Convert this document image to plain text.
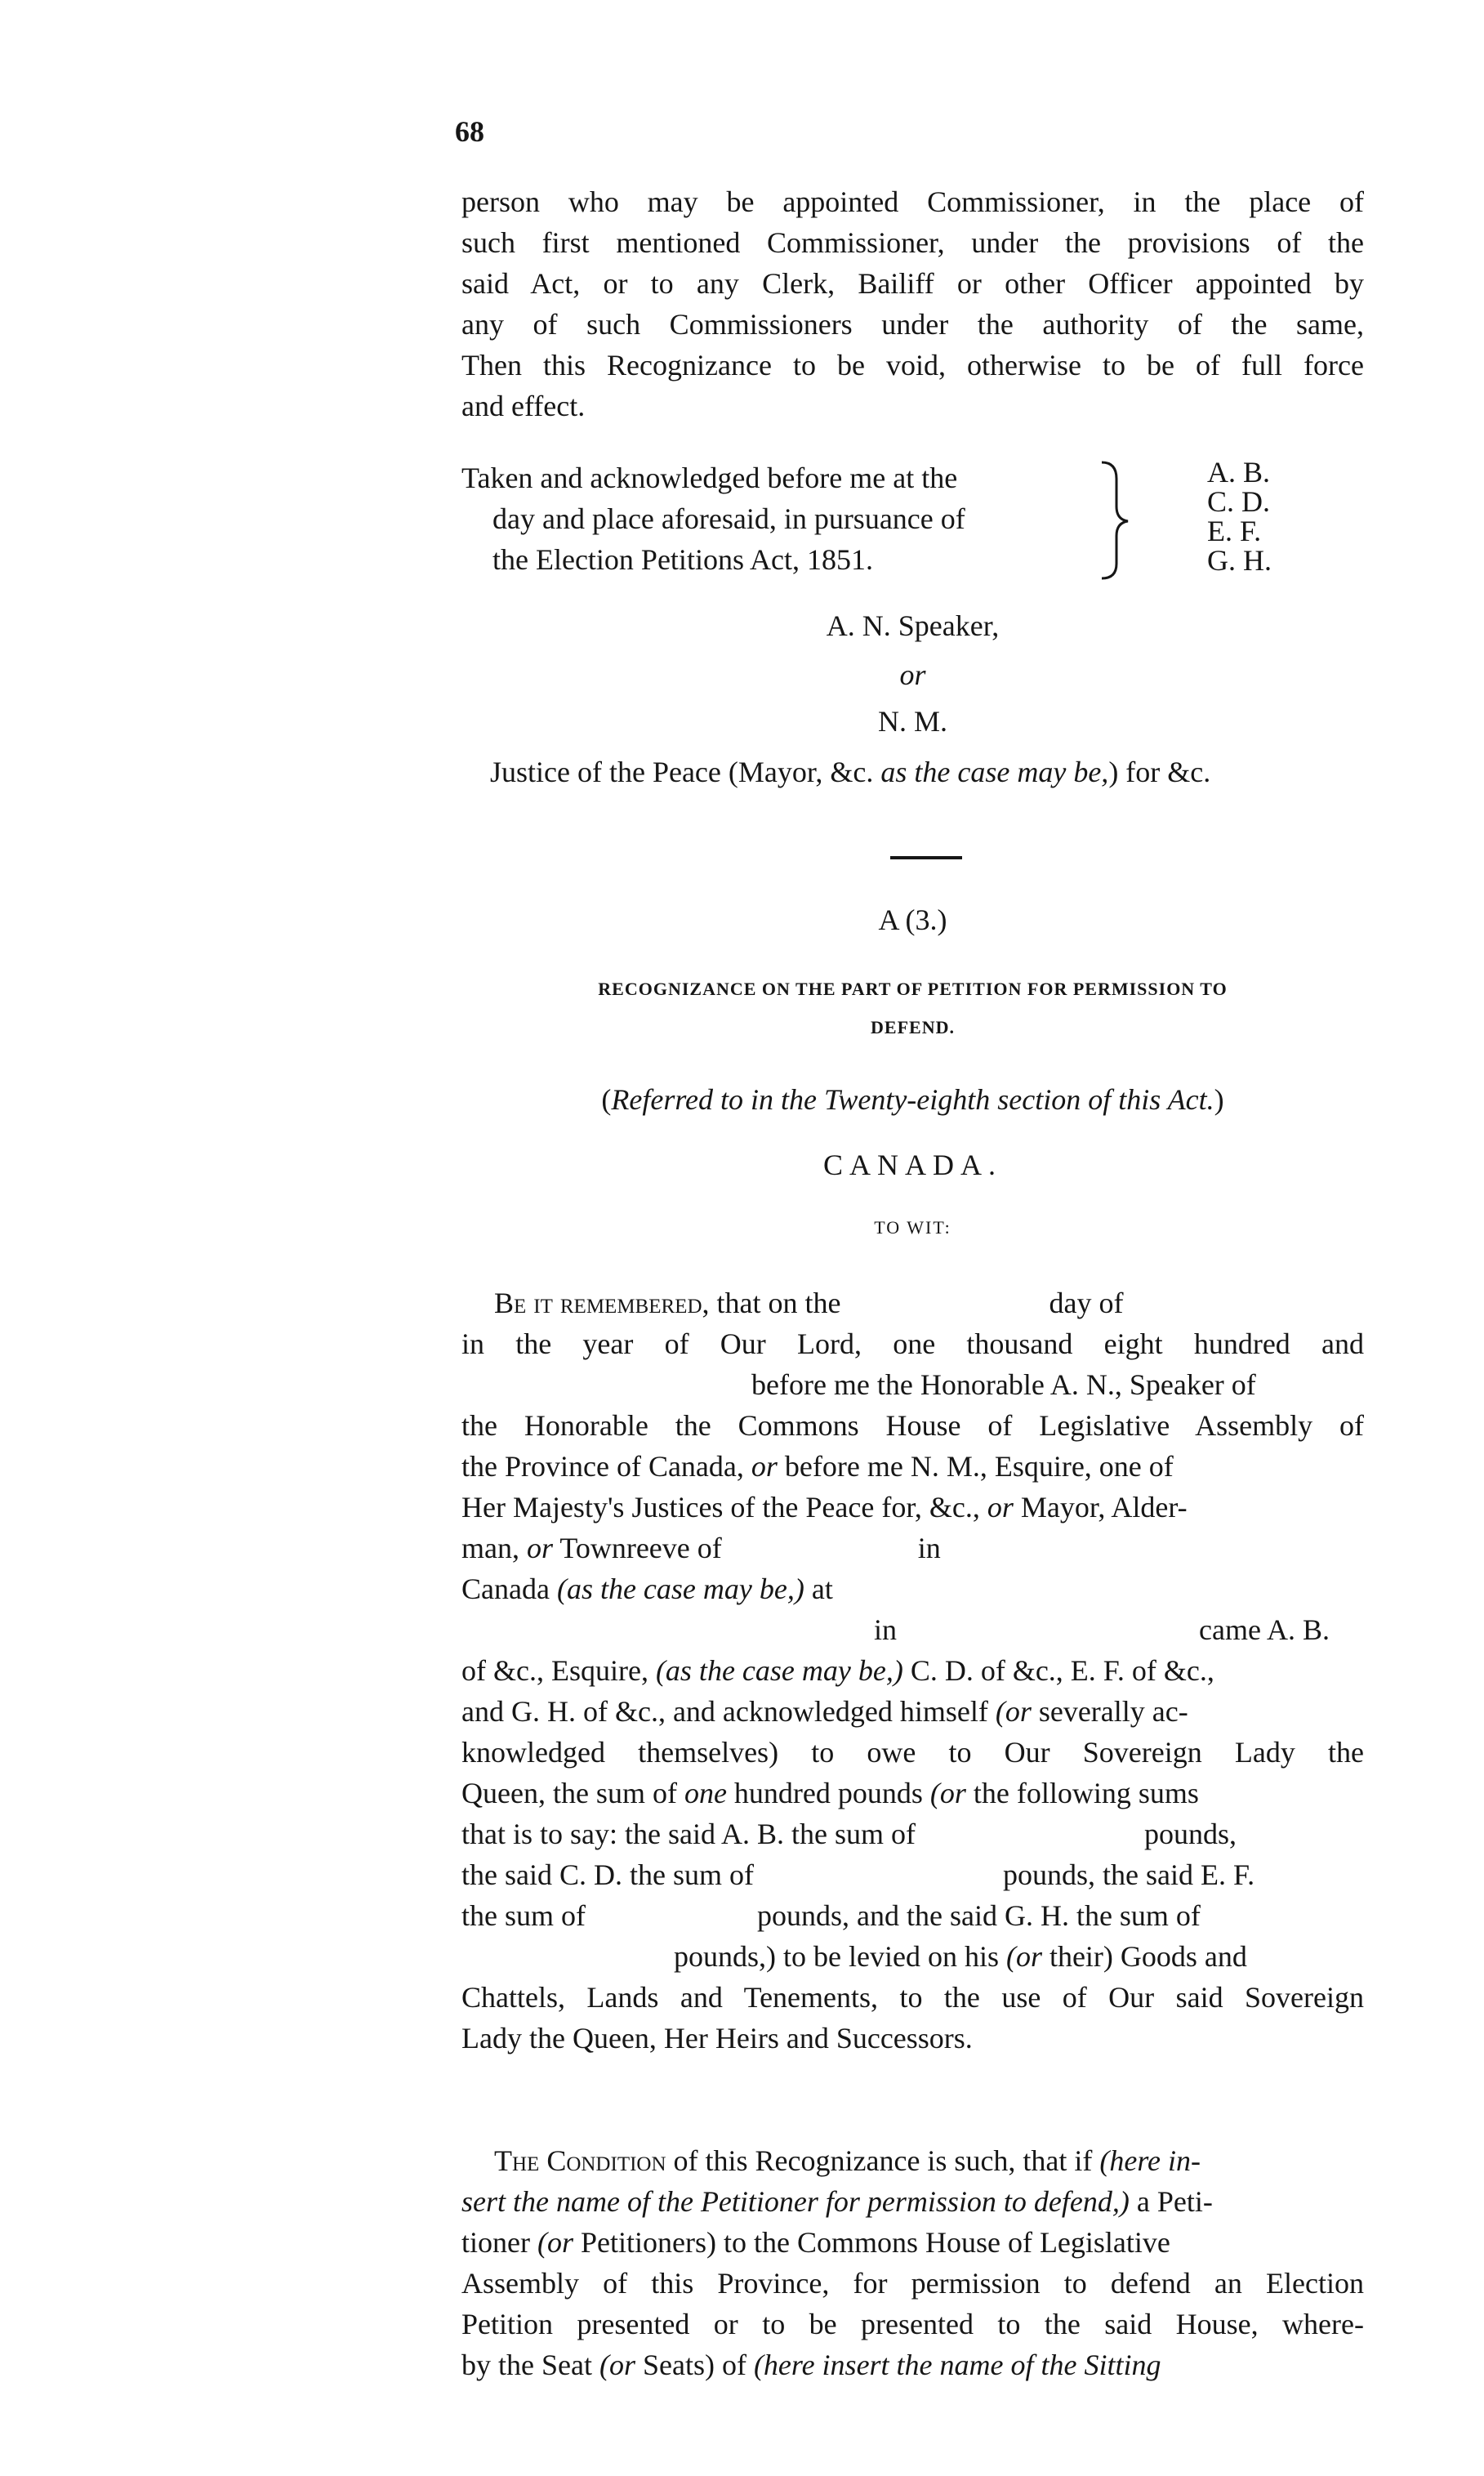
68
person who may be appointed Commissioner, in the place of
such first mentioned Commissioner, under the provisions of the
said Act, or to any Clerk, Bailiff or other Officer appointed by
any of such Commissioners under the authority of the same,
Then this Recognizance to be void, otherwise to be of full force
and effect.
Taken and acknowledged before me at the
day and place aforesaid, in pursuance of
the Election Petitions Act, 1851.
A. B.
C. D.
E. F.
G. H.
A. N. Speaker,
or
N. M.
Justice of the Peace (Mayor, &c. as the case may be,) for &c.
A (3.)
RECOGNIZANCE ON THE PART OF PETITION FOR PERMISSION TO
DEFEND.
(Referred to in the Twenty-eighth section of this Act.)
CANADA.
TO WIT:
Be it remembered, that on the	day of
in the year of Our Lord, one thousand eight hundred and
before me the Honorable A. N., Speaker of
the Honorable the Commons House of Legislative Assembly of
the Province of Canada, or before me N. M., Esquire, one of
Her Majesty's Justices of the Peace for, &c., or Mayor, Alder-
man, or Townreeve of	in
Canada (as the case may be,) at
in	came A. B.
of &c., Esquire, (as the case may be,) C. D. of &c., E. F. of &c.,
and G. H. of &c., and acknowledged himself (or severally ac-
knowledged themselves) to owe to Our Sovereign Lady the
Queen, the sum of one hundred pounds (or the following sums
that is to say: the said A. B. the sum of	pounds,
the said C. D. the sum of	pounds, the said E. F.
the sum of	pounds, and the said G. H. the sum of
pounds,) to be levied on his (or their) Goods and
Chattels, Lands and Tenements, to the use of Our said Sovereign
Lady the Queen, Her Heirs and Successors.
The Condition of this Recognizance is such, that if (here in-
sert the name of the Petitioner for permission to defend,) a Peti-
tioner (or Petitioners) to the Commons House of Legislative
Assembly of this Province, for permission to defend an Election
Petition presented or to be presented to the said House, where-
by the Seat (or Seats) of (here insert the name of the Sitting
